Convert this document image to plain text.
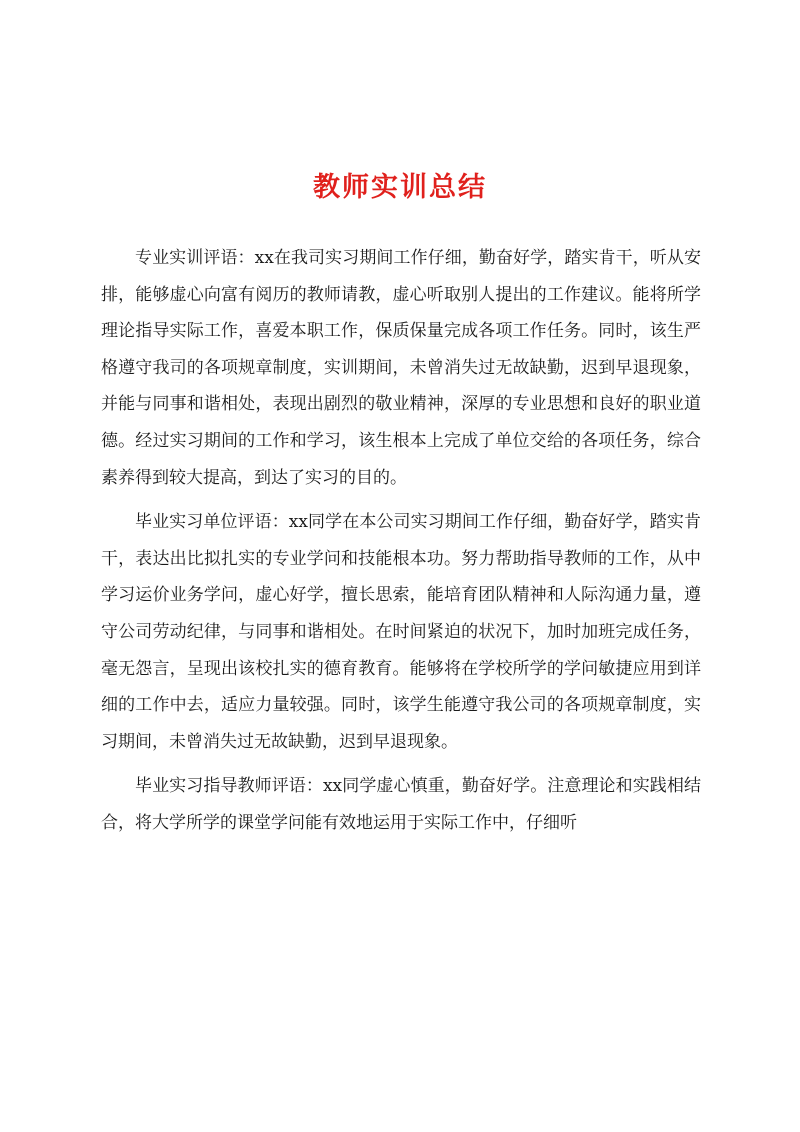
教师实训总结

专业实训评语：xx在我司实习期间工作仔细，勤奋好学，踏实肯干，听从安排，能够虚心向富有阅历的教师请教，虚心听取别人提出的工作建议。能将所学理论指导实际工作，喜爱本职工作，保质保量完成各项工作任务。同时，该生严格遵守我司的各项规章制度，实训期间，未曾消失过无故缺勤，迟到早退现象，并能与同事和谐相处，表现出剧烈的敬业精神，深厚的专业思想和良好的职业道德。经过实习期间的工作和学习，该生根本上完成了单位交给的各项任务，综合素养得到较大提高，到达了实习的目的。

毕业实习单位评语：xx同学在本公司实习期间工作仔细，勤奋好学，踏实肯干，表达出比拟扎实的专业学问和技能根本功。努力帮助指导教师的工作，从中学习运价业务学问，虚心好学，擅长思索，能培育团队精神和人际沟通力量，遵守公司劳动纪律，与同事和谐相处。在时间紧迫的状况下，加时加班完成任务，毫无怨言，呈现出该校扎实的德育教育。能够将在学校所学的学问敏捷应用到详细的工作中去，适应力量较强。同时，该学生能遵守我公司的各项规章制度，实习期间，未曾消失过无故缺勤，迟到早退现象。

毕业实习指导教师评语：xx同学虚心慎重，勤奋好学。注意理论和实践相结合，将大学所学的课堂学问能有效地运用于实际工作中，仔细听
